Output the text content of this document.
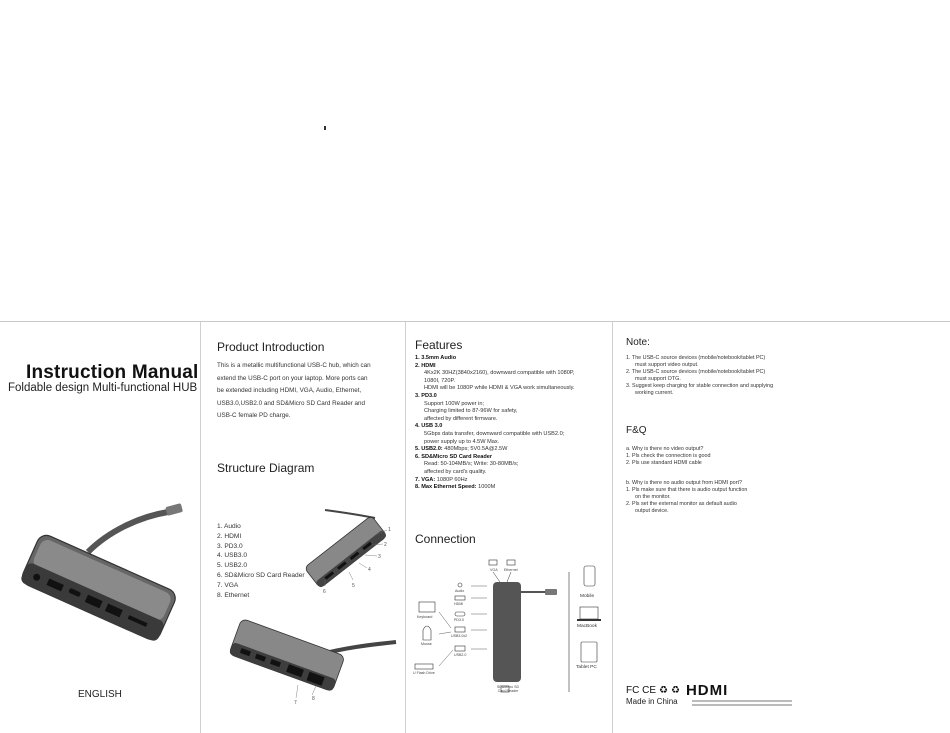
Instruction Manual
Foldable design Multi-functional HUB
ENGLISH
Product Introduction
This is a metallic multifunctional USB-C hub, which can
extend the USB-C port on your laptop. More ports can
be extended including HDMI, VGA, Audio, Ethernet,
USB3.0,USB2.0 and SD&Micro SD Card Reader and
USB-C female PD charge.
Structure Diagram
1. Audio
2. HDMI
3. PD3.0
4. USB3.0
5. USB2.0
6. SD&Micro SD Card Reader
7. VGA
8. Ethernet
1
2
3
4
5
6
7
8
Features
1. 3.5mm Audio
2. HDMI
4Kx2K 30HZ(3840x2160), downward compatible with 1080P,
1080I, 720P.
HDMI will be 1080P while HDMI & VGA work simultaneously.
3. PD3.0
Support 100W power in;
Charging limited to 87-96W for safety,
affected by different firmware.
4. USB 3.0
5Gbps data transfer, downward compatible with USB2.0;
power supply up to 4.5W Max.
5. USB2.0: 480Mbps; 5V0.5A@2.5W
6. SD&Micro SD Card Reader
Read: 50-104MB/s; Write: 30-80MB/s;
affected by card's quality.
7. VGA: 1080P 60Hz
8. Max Ethernet Speed: 1000M
Connection
VGA Ethernet
Audio
HDMI
PD3.0
USB3.0x2
USB2.0
SD&Micro SD Card Reader
Keyboard
Mouse
U Flash Drive
Mobile
MacBook
Tablet PC
Note:
1. The USB-C source devices (mobile/notebook/tablet PC)
must support video output.
2. The USB-C source devices (mobile/notebook/tablet PC)
must support OTG.
3. Suggest keep charging for stable connection and supplying
working current.
F&Q
a. Why is there no video output?
1. Pls check the connection is good
2. Pls use standard HDMI cable
b. Why is there no audio output from HDMI port?
1. Pls make sure that there is audio output function
on the monitor.
2. Pls set the external monitor as default audio
output device.
FC CE ♻ ♻ HDMI
Made in China
